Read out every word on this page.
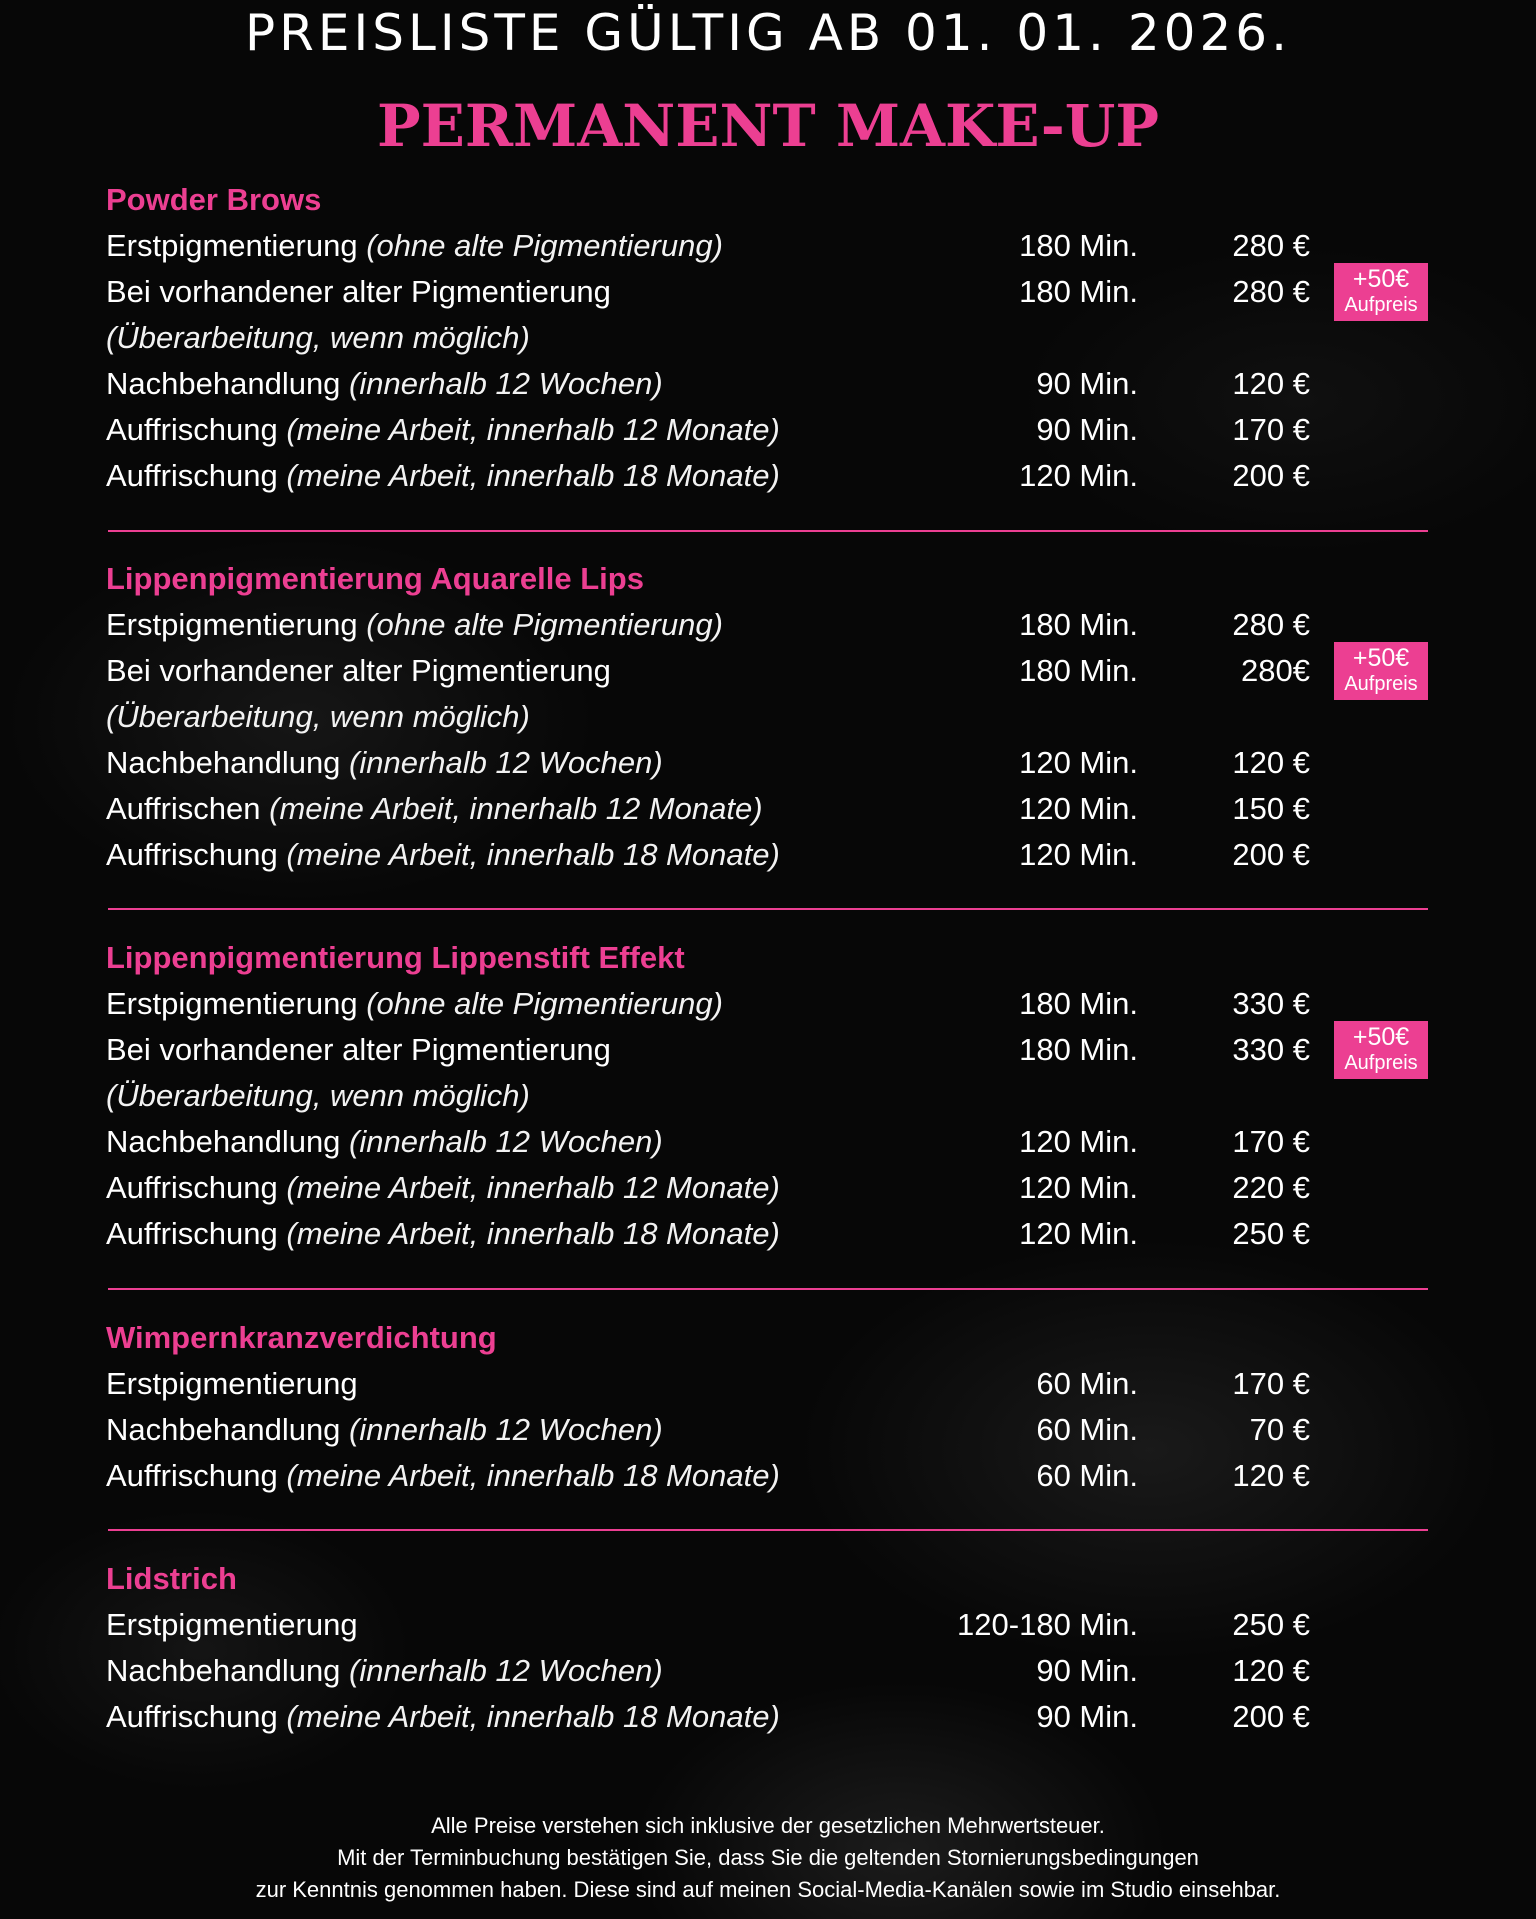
PREISLISTE GÜLTIG AB 01. 01. 2026.
PERMANENT MAKE-UP
Powder Brows
Erstpigmentierung (ohne alte Pigmentierung)	180 Min.	280 €
Bei vorhandener alter Pigmentierung	180 Min.	280 €
(Überarbeitung, wenn möglich)
Nachbehandlung (innerhalb 12 Wochen)	90 Min.	120 €
Auffrischung (meine Arbeit, innerhalb 12 Monate)	90 Min.	170 €
Auffrischung (meine Arbeit, innerhalb 18 Monate)	120 Min.	200 €
+50€
Aufpreis
Lippenpigmentierung Aquarelle Lips
Erstpigmentierung (ohne alte Pigmentierung)	180 Min.	280 €
Bei vorhandener alter Pigmentierung	180 Min.	280€
(Überarbeitung, wenn möglich)
Nachbehandlung (innerhalb 12 Wochen)	120 Min.	120 €
Auffrischen (meine Arbeit, innerhalb 12 Monate)	120 Min.	150 €
Auffrischung (meine Arbeit, innerhalb 18 Monate)	120 Min.	200 €
+50€
Aufpreis
Lippenpigmentierung Lippenstift Effekt
Erstpigmentierung (ohne alte Pigmentierung)	180 Min.	330 €
Bei vorhandener alter Pigmentierung	180 Min.	330 €
(Überarbeitung, wenn möglich)
Nachbehandlung (innerhalb 12 Wochen)	120 Min.	170 €
Auffrischung (meine Arbeit, innerhalb 12 Monate)	120 Min.	220 €
Auffrischung (meine Arbeit, innerhalb 18 Monate)	120 Min.	250 €
+50€
Aufpreis
Wimpernkranzverdichtung
Erstpigmentierung	60 Min.	170 €
Nachbehandlung (innerhalb 12 Wochen)	60 Min.	70 €
Auffrischung (meine Arbeit, innerhalb 18 Monate)	60 Min.	120 €
Lidstrich
Erstpigmentierung	120-180 Min.	250 €
Nachbehandlung (innerhalb 12 Wochen)	90 Min.	120 €
Auffrischung (meine Arbeit, innerhalb 18 Monate)	90 Min.	200 €
Alle Preise verstehen sich inklusive der gesetzlichen Mehrwertsteuer.
Mit der Terminbuchung bestätigen Sie, dass Sie die geltenden Stornierungsbedingungen
zur Kenntnis genommen haben. Diese sind auf meinen Social-Media-Kanälen sowie im Studio einsehbar.
